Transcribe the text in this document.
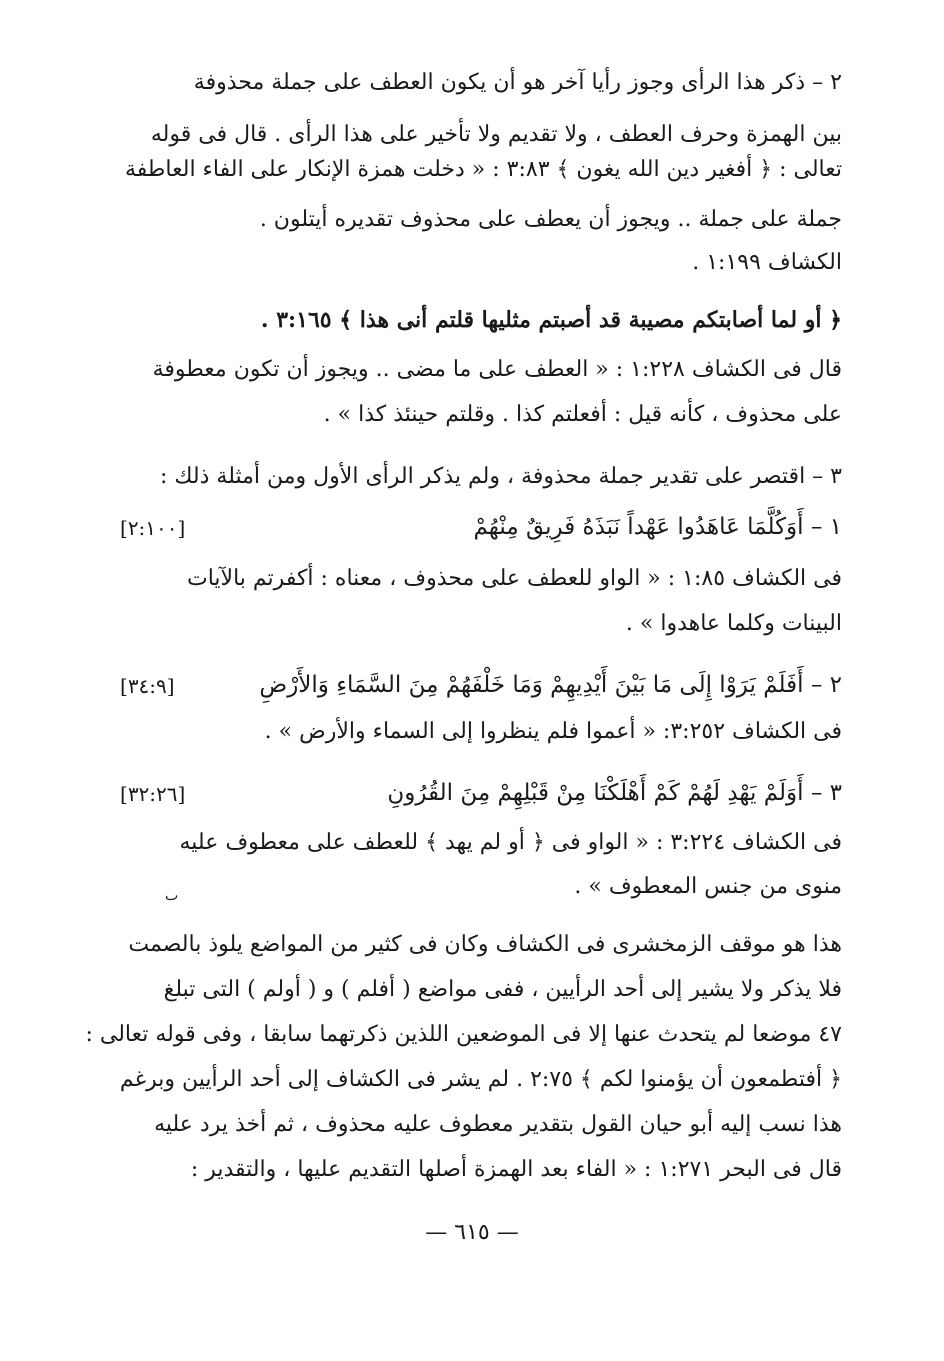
٢ – ذكر هذا الرأى وجوز رأيا آخر هو أن يكون العطف على جملة محذوفة
بين الهمزة وحرف العطف ، ولا تقديم ولا تأخير على هذا الرأى . قال فى قوله
تعالى : ﴿ أفغير دين الله يغون ﴾ ٣:٨٣ : « دخلت همزة الإنكار على الفاء العاطفة
جملة على جملة .. ويجوز أن يعطف على محذوف تقديره أيتلون .
الكشاف ١:١٩٩ .
﴿ أو لما أصابتكم مصيبة قد أصبتم مثليها قلتم أنى هذا ﴾ ٣:١٦٥ .
قال فى الكشاف ١:٢٢٨ : « العطف على ما مضى .. ويجوز أن تكون معطوفة
على محذوف ، كأنه قيل : أفعلتم كذا . وقلتم حينئذ كذا » .
٣ – اقتصر على تقدير جملة محذوفة ، ولم يذكر الرأى الأول ومن أمثلة ذلك :
١ – أَوَكُلَّمَا عَاهَدُوا عَهْداً نَبَذَهُ فَرِيقٌ مِنْهُمْ
[٢:١٠٠]
فى الكشاف ١:٨٥ : « الواو للعطف على محذوف ، معناه : أكفرتم بالآيات
البينات وكلما عاهدوا » .
٢ – أَفَلَمْ يَرَوْا إِلَى مَا بَيْنَ أَيْدِيهِمْ وَمَا خَلْفَهُمْ مِنَ السَّمَاءِ وَالأَرْضِ
[٣٤:٩]
فى الكشاف ٣:٢٥٢: « أعموا فلم ينظروا إلى السماء والأرض » .
٣ – أَوَلَمْ يَهْدِ لَهُمْ كَمْ أَهْلَكْنَا مِنْ قَبْلِهِمْ مِنَ القُرُونِ
[٣٢:٢٦]
فى الكشاف ٣:٢٢٤ : « الواو فى ﴿ أو لم يهد ﴾ للعطف على معطوف عليه
منوى من جنس المعطوف » .
ٮ
هذا هو موقف الزمخشرى فى الكشاف وكان فى كثير من المواضع يلوذ بالصمت
فلا يذكر ولا يشير إلى أحد الرأيين ، ففى مواضع ( أفلم ) و ( أولم ) التى تبلغ
٤٧ موضعا لم يتحدث عنها إلا فى الموضعين اللذين ذكرتهما سابقا ، وفى قوله تعالى :
﴿ أفتطمعون أن يؤمنوا لكم ﴾ ٢:٧٥ . لم يشر فى الكشاف إلى أحد الرأيين وبرغم
هذا نسب إليه أبو حيان القول بتقدير معطوف عليه محذوف ، ثم أخذ يرد عليه
قال فى البحر ١:٢٧١ : « الفاء بعد الهمزة أصلها التقديم عليها ، والتقدير :
— ٦١٥ —
